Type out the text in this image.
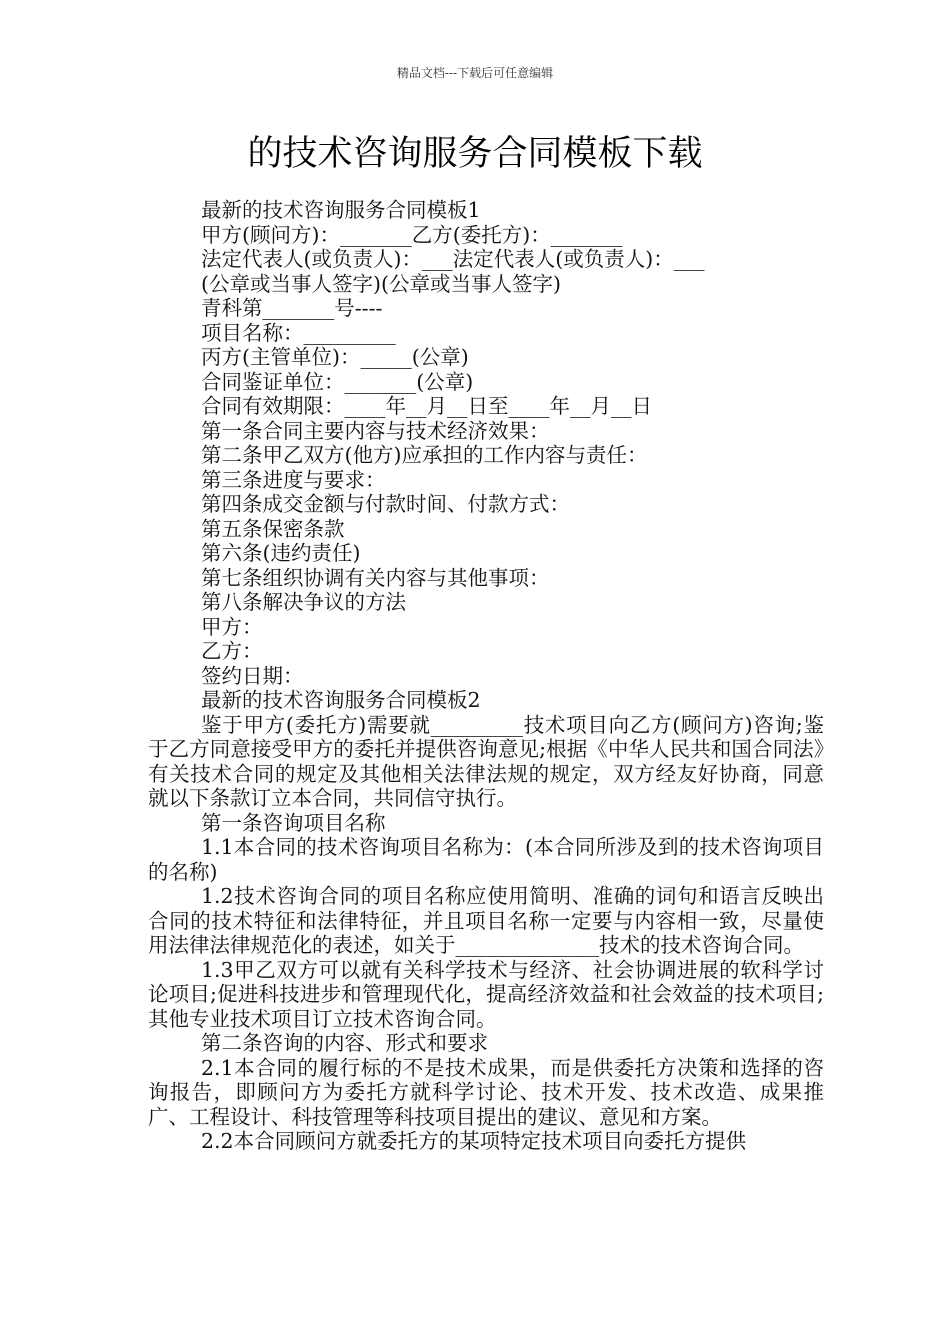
精品文档---下载后可任意编辑
的技术咨询服务合同模板下载
最新的技术咨询服务合同模板1
甲方(顾问方)：_______乙方(委托方)：_______
法定代表人(或负责人)：___法定代表人(或负责人)：___
(公章或当事人签字)(公章或当事人签字)
青科第_______号----
项目名称：_________
丙方(主管单位)：_____(公章)
合同鉴证单位：_______(公章)
合同有效期限：____年__月__日至____年__月__日
第一条合同主要内容与技术经济效果：
第二条甲乙双方(他方)应承担的工作内容与责任：
第三条进度与要求：
第四条成交金额与付款时间、付款方式：
第五条保密条款
第六条(违约责任)
第七条组织协调有关内容与其他事项：
第八条解决争议的方法
甲方：
乙方：
签约日期：
最新的技术咨询服务合同模板2

鉴于甲方(委托方)需要就_________技术项目向乙方(顾问方)咨询;鉴于乙方同意接受甲方的委托并提供咨询意见;根据《中华人民共和国合同法》有关技术合同的规定及其他相关法律法规的规定，双方经友好协商，同意就以下条款订立本合同，共同信守执行。

第一条咨询项目名称

1.1本合同的技术咨询项目名称为：(本合同所涉及到的技术咨询项目的名称)

1.2技术咨询合同的项目名称应使用简明、准确的词句和语言反映出合同的技术特征和法律特征，并且项目名称一定要与内容相一致，尽量使用法律法律规范化的表述，如关于______________技术的技术咨询合同。

1.3甲乙双方可以就有关科学技术与经济、社会协调进展的软科学讨论项目;促进科技进步和管理现代化，提高经济效益和社会效益的技术项目;其他专业技术项目订立技术咨询合同。

第二条咨询的内容、形式和要求

2.1本合同的履行标的不是技术成果，而是供委托方决策和选择的咨询报告，即顾问方为委托方就科学讨论、技术开发、技术改造、成果推广、工程设计、科技管理等科技项目提出的建议、意见和方案。

2.2本合同顾问方就委托方的某项特定技术项目向委托方提供
